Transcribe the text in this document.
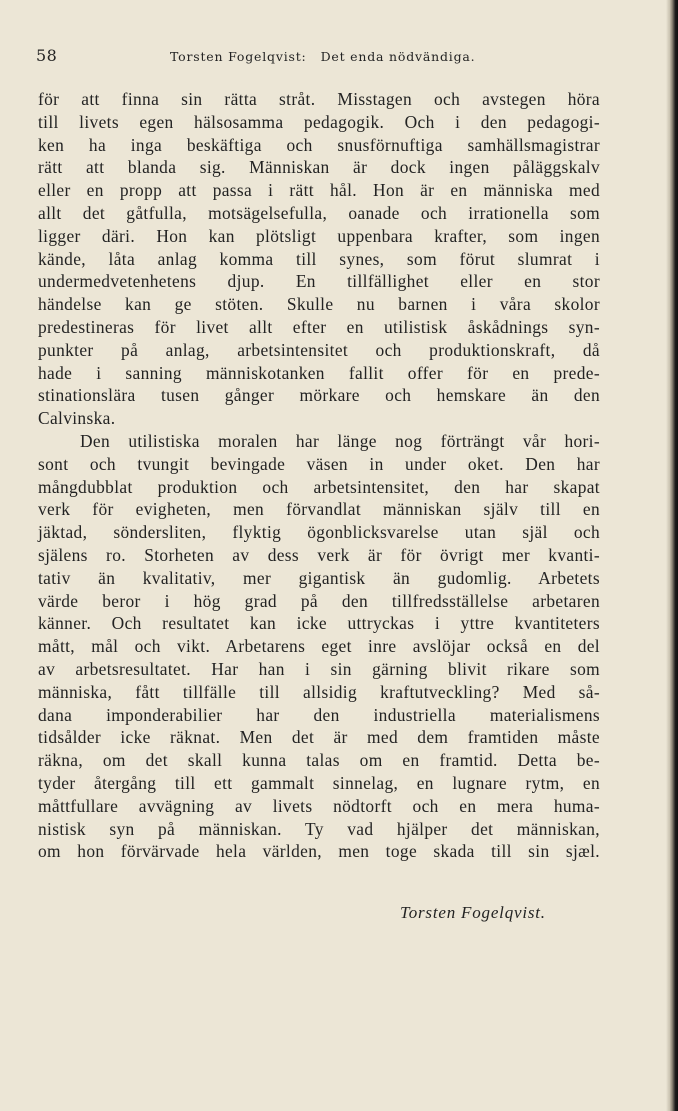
58	Torsten Fogelqvist: Det enda nödvändiga.
för att finna sin rätta stråt. Misstagen och avstegen höra
till livets egen hälsosamma pedagogik. Och i den pedagogi-
ken ha inga beskäftiga och snusförnuftiga samhällsmagistrar
rätt att blanda sig. Människan är dock ingen påläggskalv
eller en propp att passa i rätt hål. Hon är en människa med
allt det gåtfulla, motsägelsefulla, oanade och irrationella som
ligger däri. Hon kan plötsligt uppenbara krafter, som ingen
kände, låta anlag komma till synes, som förut slumrat i
undermedvetenhetens djup. En tillfällighet eller en stor
händelse kan ge stöten. Skulle nu barnen i våra skolor
predestineras för livet allt efter en utilistisk åskådnings syn-
punkter på anlag, arbetsintensitet och produktionskraft, då
hade i sanning människotanken fallit offer för en prede-
stinationslära tusen gånger mörkare och hemskare än den
Calvinska.
Den utilistiska moralen har länge nog förträngt vår hori-
sont och tvungit bevingade väsen in under oket. Den har
mångdubblat produktion och arbetsintensitet, den har skapat
verk för evigheten, men förvandlat människan själv till en
jäktad, söndersliten, flyktig ögonblicksvarelse utan själ och
själens ro. Storheten av dess verk är för övrigt mer kvanti-
tativ än kvalitativ, mer gigantisk än gudomlig. Arbetets
värde beror i hög grad på den tillfredsställelse arbetaren
känner. Och resultatet kan icke uttryckas i yttre kvantiteters
mått, mål och vikt. Arbetarens eget inre avslöjar också en del
av arbetsresultatet. Har han i sin gärning blivit rikare som
människa, fått tillfälle till allsidig kraftutveckling? Med så-
dana imponderabilier har den industriella materialismens
tidsålder icke räknat. Men det är med dem framtiden måste
räkna, om det skall kunna talas om en framtid. Detta be-
tyder återgång till ett gammalt sinnelag, en lugnare rytm, en
måttfullare avvägning av livets nödtorft och en mera huma-
nistisk syn på människan. Ty vad hjälper det människan,
om hon förvärvade hela världen, men toge skada till sin sjæl.
Torsten Fogelqvist.
